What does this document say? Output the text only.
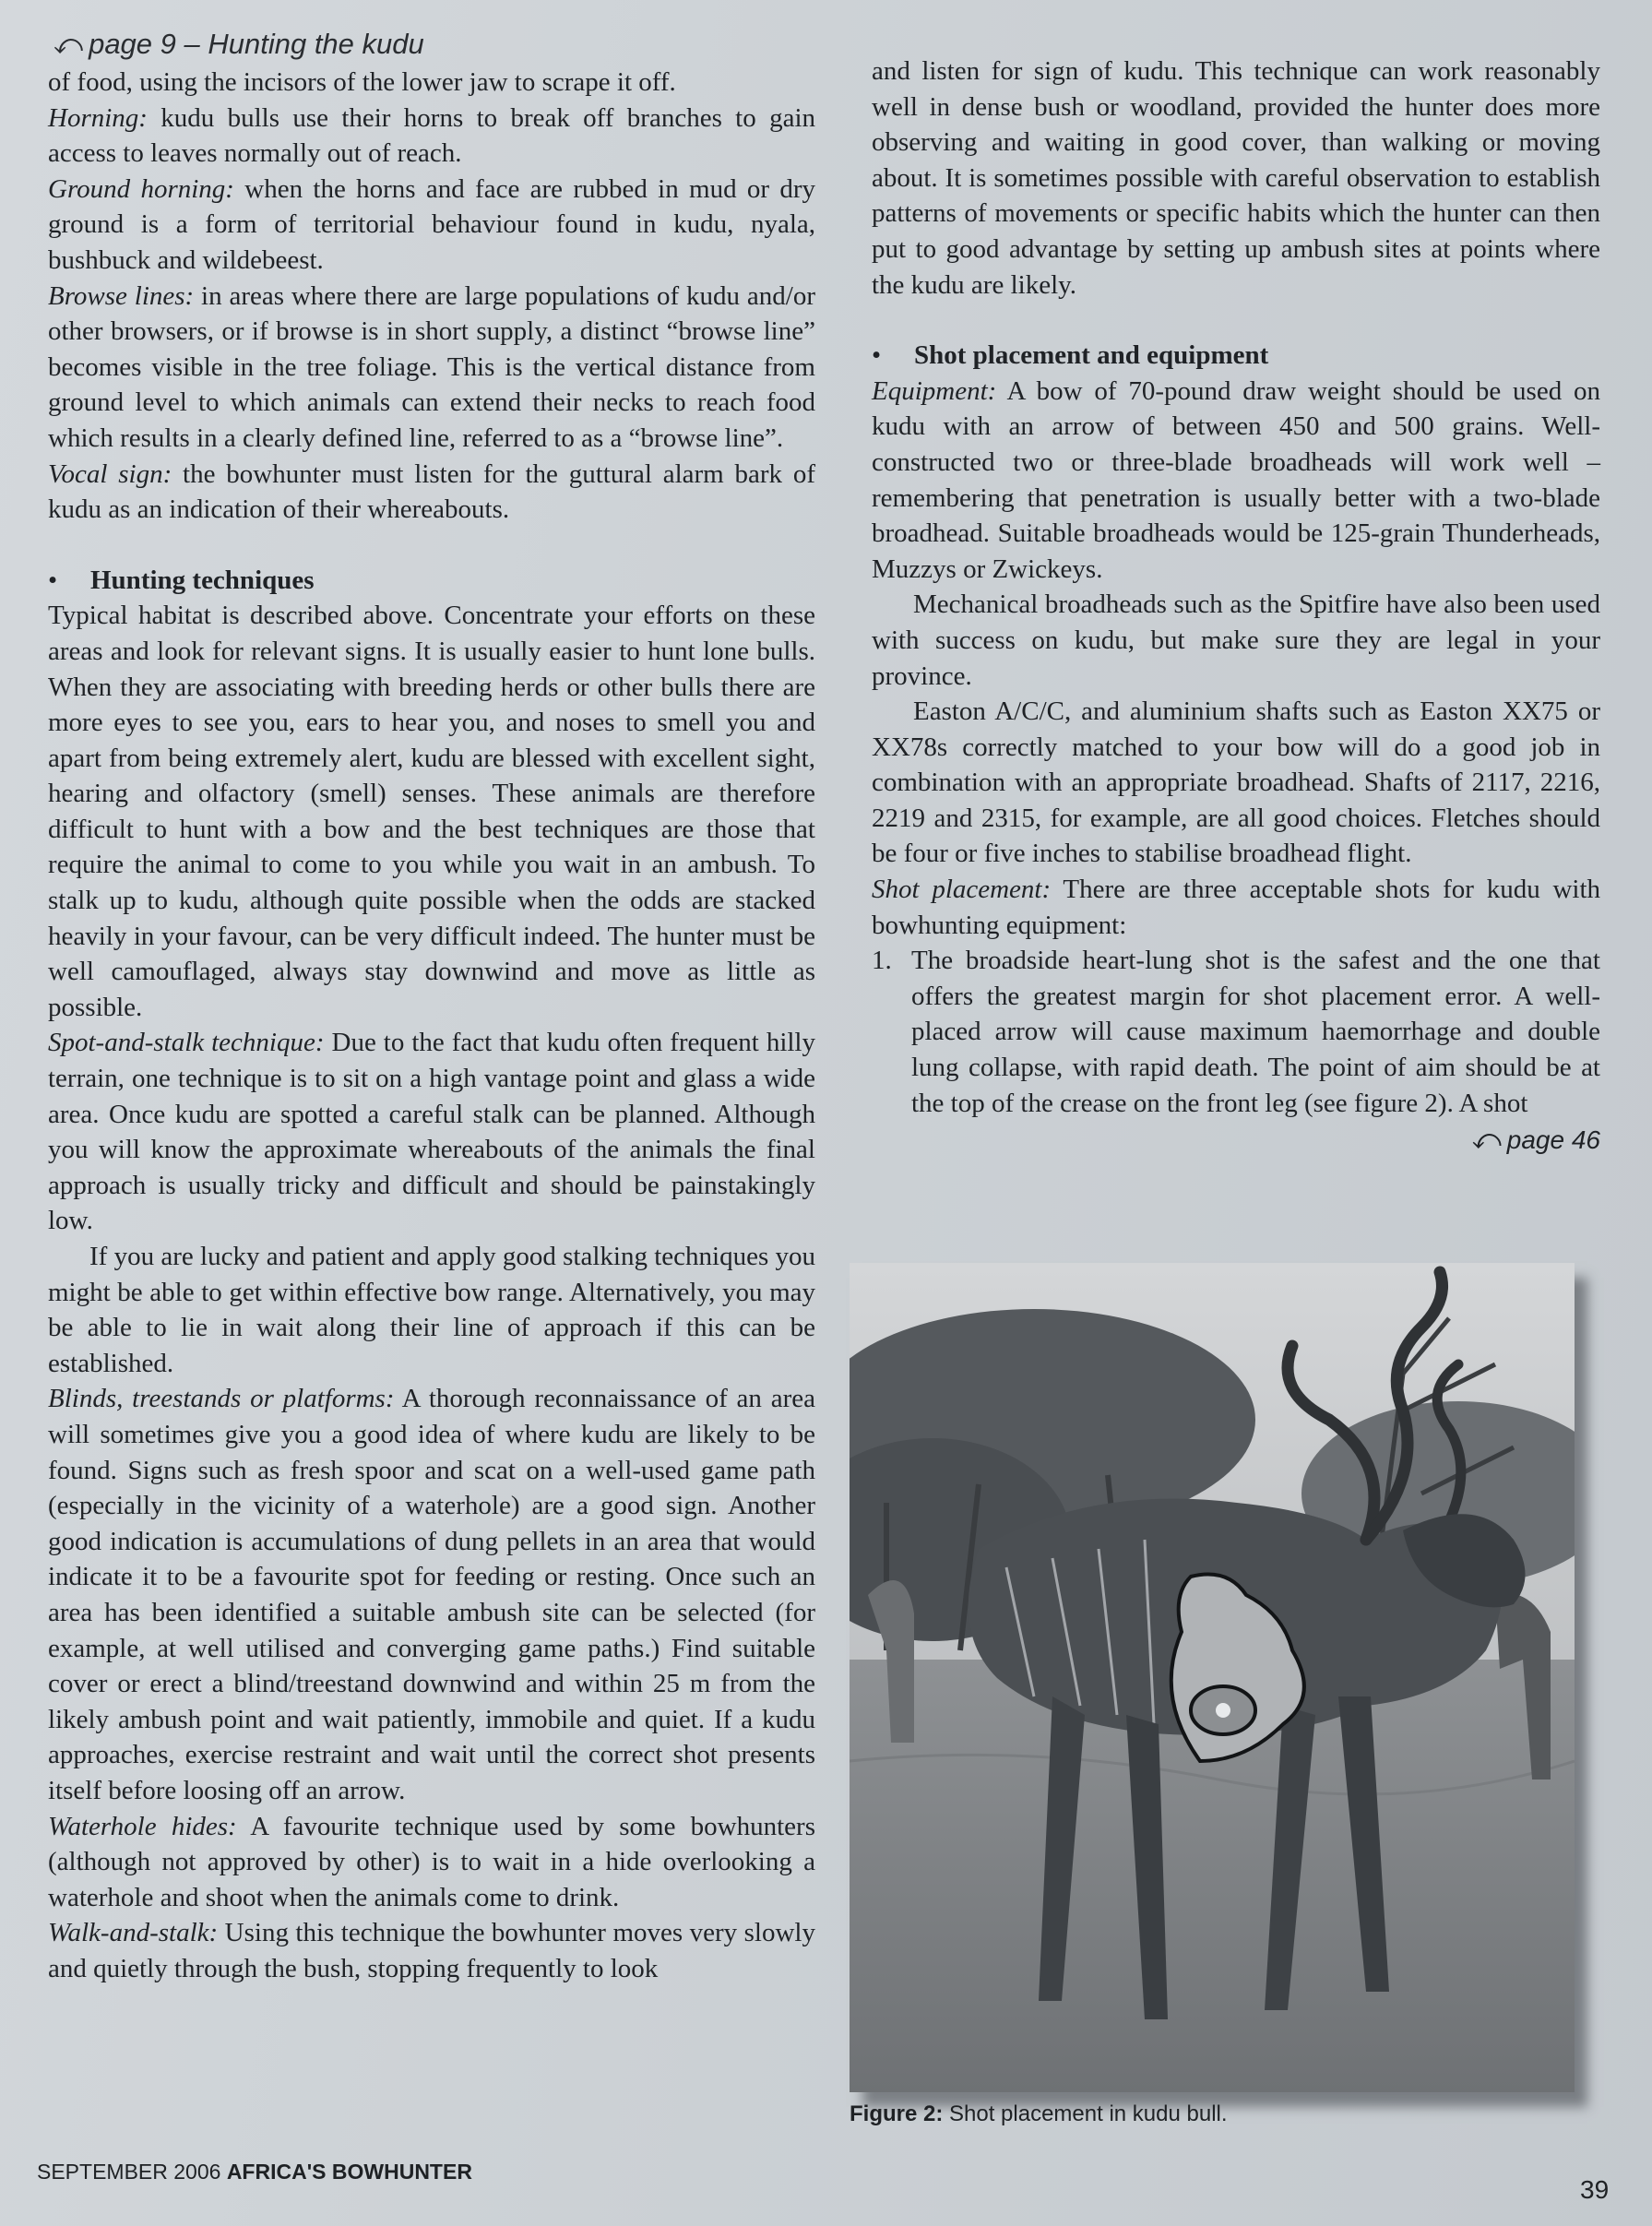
⤺ page 9 – Hunting the kudu

of food, using the incisors of the lower jaw to scrape it off.

Horning: kudu bulls use their horns to break off branches to gain access to leaves normally out of reach.

Ground horning: when the horns and face are rubbed in mud or dry ground is a form of territorial behaviour found in kudu, nyala, bushbuck and wildebeest.

Browse lines: in areas where there are large populations of kudu and/or other browsers, or if browse is in short supply, a distinct “browse line” becomes visible in the tree foliage. This is the vertical distance from ground level to which animals can extend their necks to reach food which results in a clearly defined line, referred to as a “browse line”.

Vocal sign: the bowhunter must listen for the guttural alarm bark of kudu as an indication of their whereabouts.

• Hunting techniques

Typical habitat is described above. Concentrate your efforts on these areas and look for relevant signs. It is usually easier to hunt lone bulls. When they are associating with breeding herds or other bulls there are more eyes to see you, ears to hear you, and noses to smell you and apart from being extremely alert, kudu are blessed with excellent sight, hearing and olfactory (smell) senses. These animals are therefore difficult to hunt with a bow and the best techniques are those that require the animal to come to you while you wait in an ambush. To stalk up to kudu, although quite possible when the odds are stacked heavily in your favour, can be very difficult indeed. The hunter must be well camouflaged, always stay downwind and move as little as possible.

Spot-and-stalk technique: Due to the fact that kudu often frequent hilly terrain, one technique is to sit on a high vantage point and glass a wide area. Once kudu are spotted a careful stalk can be planned. Although you will know the approximate whereabouts of the animals the final approach is usually tricky and difficult and should be painstakingly low.

If you are lucky and patient and apply good stalking techniques you might be able to get within effective bow range. Alternatively, you may be able to lie in wait along their line of approach if this can be established.

Blinds, treestands or platforms: A thorough reconnaissance of an area will sometimes give you a good idea of where kudu are likely to be found. Signs such as fresh spoor and scat on a well-used game path (especially in the vicinity of a waterhole) are a good sign. Another good indication is accumulations of dung pellets in an area that would indicate it to be a favourite spot for feeding or resting. Once such an area has been identified a suitable ambush site can be selected (for example, at well utilised and converging game paths.) Find suitable cover or erect a blind/treestand downwind and within 25 m from the likely ambush point and wait patiently, immobile and quiet. If a kudu approaches, exercise restraint and wait until the correct shot presents itself before loosing off an arrow.

Waterhole hides: A favourite technique used by some bowhunters (although not approved by other) is to wait in a hide overlooking a waterhole and shoot when the animals come to drink.

Walk-and-stalk: Using this technique the bowhunter moves very slowly and quietly through the bush, stopping frequently to look

and listen for sign of kudu. This technique can work reasonably well in dense bush or woodland, provided the hunter does more observing and waiting in good cover, than walking or moving about. It is sometimes possible with careful observation to establish patterns of movements or specific habits which the hunter can then put to good advantage by setting up ambush sites at points where the kudu are likely.

• Shot placement and equipment

Equipment: A bow of 70-pound draw weight should be used on kudu with an arrow of between 450 and 500 grains. Well-constructed two or three-blade broadheads will work well – remembering that penetration is usually better with a two-blade broadhead. Suitable broadheads would be 125-grain Thunderheads, Muzzys or Zwickeys.

Mechanical broadheads such as the Spitfire have also been used with success on kudu, but make sure they are legal in your province.

Easton A/C/C, and aluminium shafts such as Easton XX75 or XX78s correctly matched to your bow will do a good job in combination with an appropriate broadhead. Shafts of 2117, 2216, 2219 and 2315, for example, are all good choices. Fletches should be four or five inches to stabilise broadhead flight.

Shot placement: There are three acceptable shots for kudu with bowhunting equipment:

1. The broadside heart-lung shot is the safest and the one that offers the greatest margin for shot placement error. A well-placed arrow will cause maximum haemorrhage and double lung collapse, with rapid death. The point of aim should be at the top of the crease on the front leg (see figure 2). A shot

⤺ page 46

Figure 2: Shot placement in kudu bull.
SEPTEMBER 2006 AFRICA'S BOWHUNTER
39
